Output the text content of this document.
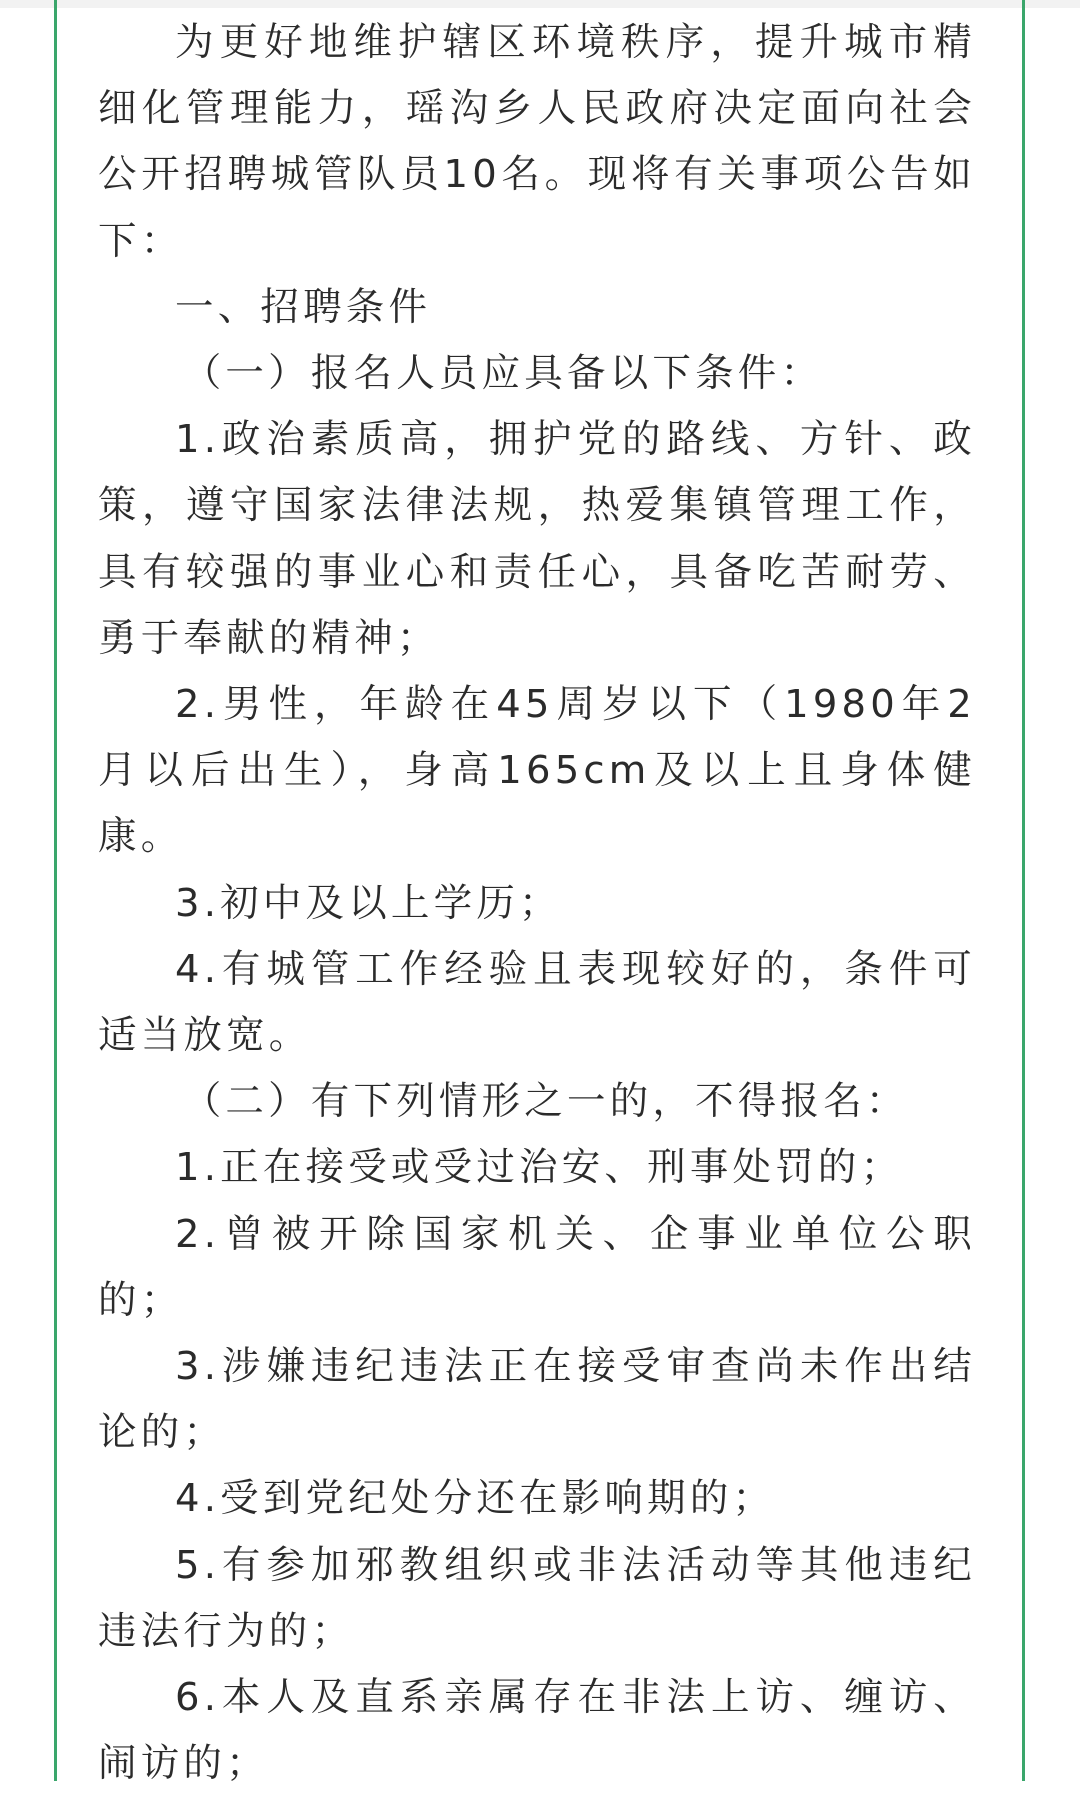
为更好地维护辖区环境秩序，提升城市精细化管理能力，瑶沟乡人民政府决定面向社会公开招聘城管队员10名。现将有关事项公告如下：

一、招聘条件

（一）报名人员应具备以下条件：

1.政治素质高，拥护党的路线、方针、政策，遵守国家法律法规，热爱集镇管理工作，具有较强的事业心和责任心，具备吃苦耐劳、勇于奉献的精神；

2.男性，年龄在45周岁以下（1980年2月以后出生），身高165cm及以上且身体健康。

3.初中及以上学历；

4.有城管工作经验且表现较好的，条件可适当放宽。

（二）有下列情形之一的，不得报名：

1.正在接受或受过治安、刑事处罚的；

2.曾被开除国家机关、企事业单位公职的；

3.涉嫌违纪违法正在接受审查尚未作出结论的；

4.受到党纪处分还在影响期的；

5.有参加邪教组织或非法活动等其他违纪违法行为的；

6.本人及直系亲属存在非法上访、缠访、闹访的；
